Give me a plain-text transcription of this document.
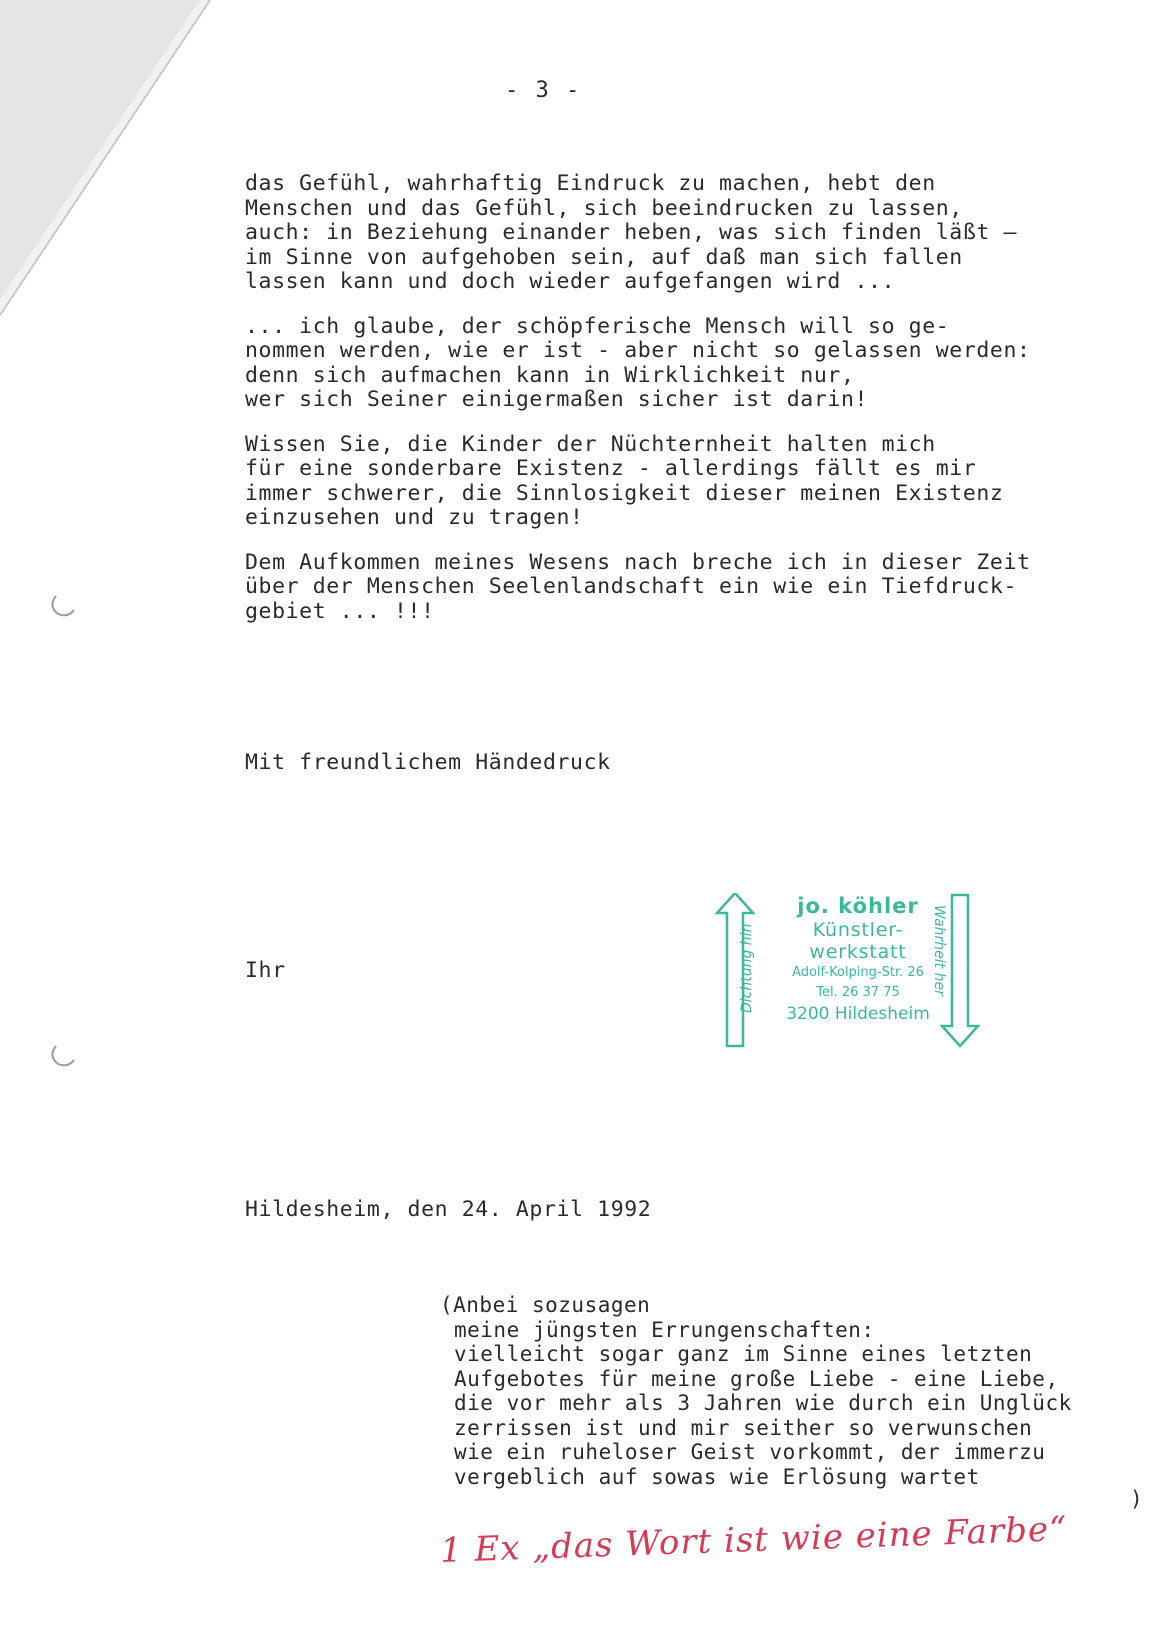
- 3 -

das Gefühl, wahrhaftig Eindruck zu machen, hebt den
Menschen und das Gefühl, sich beeindrucken zu lassen,
auch: in Beziehung einander heben, was sich finden läßt —
im Sinne von aufgehoben sein, auf daß man sich fallen
lassen kann und doch wieder aufgefangen wird ...

... ich glaube, der schöpferische Mensch will so ge-
nommen werden, wie er ist - aber nicht so gelassen werden:
denn sich aufmachen kann in Wirklichkeit nur,
wer sich Seiner einigermaßen sicher ist darin!

Wissen Sie, die Kinder der Nüchternheit halten mich
für eine sonderbare Existenz - allerdings fällt es mir
immer schwerer, die Sinnlosigkeit dieser meinen Existenz
einzusehen und zu tragen!

Dem Aufkommen meines Wesens nach breche ich in dieser Zeit
über der Menschen Seelenlandschaft ein wie ein Tiefdruck-
gebiet ... !!!

Mit freundlichem Händedruck
Ihr	Dichtung hin
jo. köhler
Künstler-
werkstatt
Adolf-Kolping-Str. 26
Tel. 26 37 75
3200 Hildesheim
Wahrheit her
Hildesheim, den 24. April 1992
(Anbei sozusagen
meine jüngsten Errungenschaften:
vielleicht sogar ganz im Sinne eines letzten
Aufgebotes für meine große Liebe - eine Liebe,
die vor mehr als 3 Jahren wie durch ein Unglück
zerrissen ist und mir seither so verwunschen
wie ein ruheloser Geist vorkommt, der immerzu
vergeblich auf sowas wie Erlösung wartet
)
1 Ex „das Wort ist wie eine Farbe“
